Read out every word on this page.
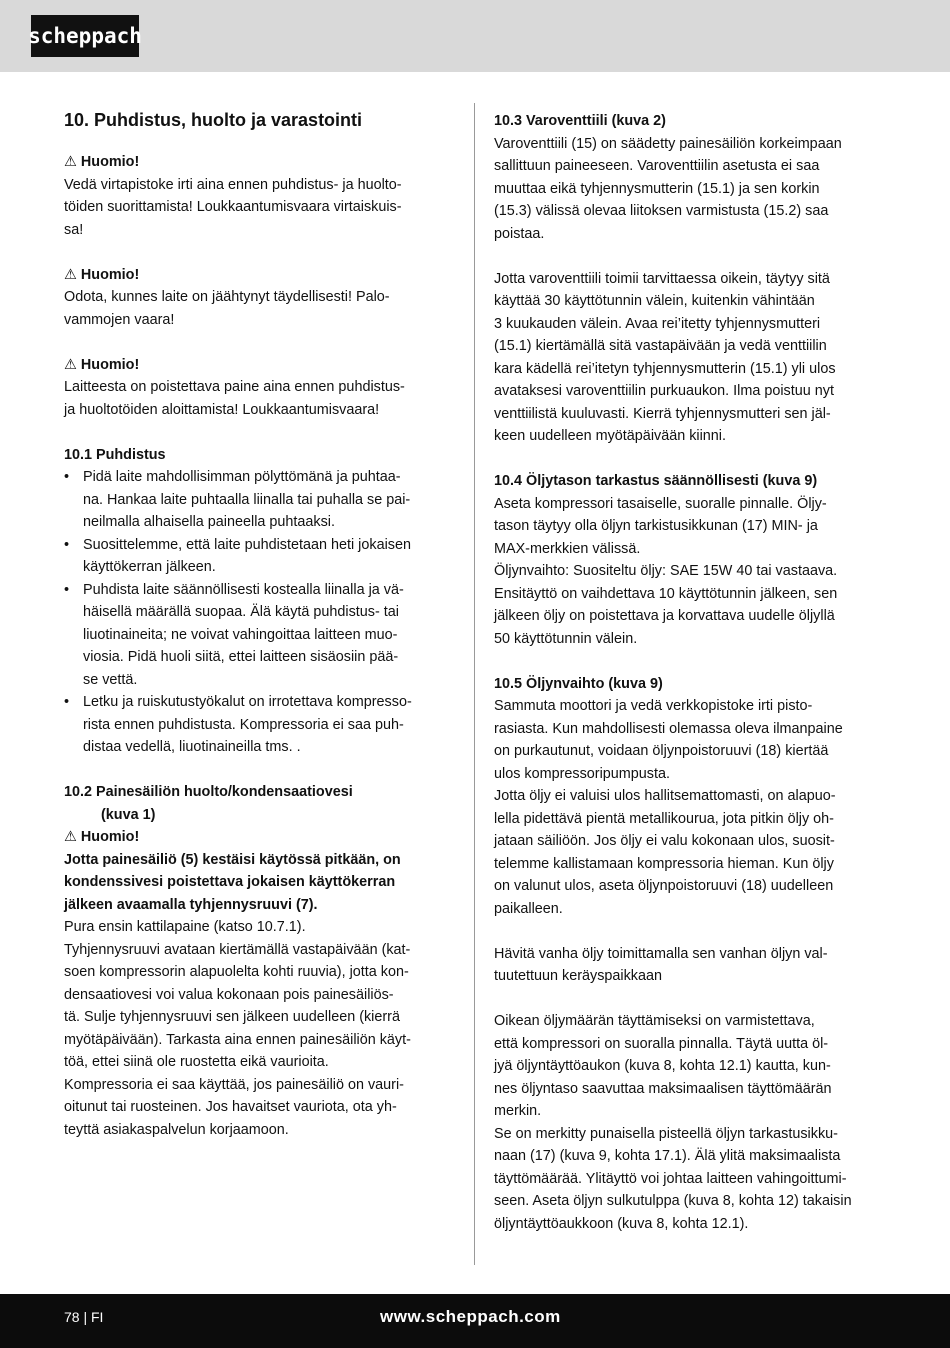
scheppach

10. Puhdistus, huolto ja varastointi

⚠ Huomio!

Vedä virtapistoke irti aina ennen puhdistus- ja huolto-

töiden suorittamista! Loukkaantumisvaara virtaiskuis-

sa!

⚠ Huomio!

Odota, kunnes laite on jäähtynyt täydellisesti! Palo-

vammojen vaara!

⚠ Huomio!

Laitteesta on poistettava paine aina ennen puhdistus-

ja huoltotöiden aloittamista! Loukkaantumisvaara!

10.1 Puhdistus

• Pidä laite mahdollisimman pölyttömänä ja puhtaa-
na. Hankaa laite puhtaalla liinalla tai puhalla se pai-
neilmalla alhaisella paineella puhtaaksi.
• Suosittelemme, että laite puhdistetaan heti jokaisen
käyttökerran jälkeen.
• Puhdista laite säännöllisesti kostealla liinalla ja vä-
häisellä määrällä suopaa. Älä käytä puhdistus- tai
liuotinaineita; ne voivat vahingoittaa laitteen muo-
viosia. Pidä huoli siitä, ettei laitteen sisäosiin pää-
se vettä.
• Letku ja ruiskutustyökalut on irrotettava kompresso-
rista ennen puhdistusta. Kompressoria ei saa puh-
distaa vedellä, liuotinaineilla tms. .

10.2 Painesäiliön huolto/kondensaatiovesi

(kuva 1)

⚠ Huomio!

Jotta painesäiliö (5) kestäisi käytössä pitkään, on

kondenssivesi poistettava jokaisen käyttökerran

jälkeen avaamalla tyhjennysruuvi (7).

Pura ensin kattilapaine (katso 10.7.1).

Tyhjennysruuvi avataan kiertämällä vastapäivään (kat-

soen kompressorin alapuolelta kohti ruuvia), jotta kon-

densaatiovesi voi valua kokonaan pois painesäiliös-

tä. Sulje tyhjennysruuvi sen jälkeen uudelleen (kierrä

myötäpäivään). Tarkasta aina ennen painesäiliön käyt-

töä, ettei siinä ole ruostetta eikä vaurioita.

Kompressoria ei saa käyttää, jos painesäiliö on vauri-

oitunut tai ruosteinen. Jos havaitset vauriota, ota yh-

teyttä asiakaspalvelun korjaamoon.

10.3 Varoventtiili (kuva 2)

Varoventtiili (15) on säädetty painesäiliön korkeimpaan

sallittuun paineeseen. Varoventtiilin asetusta ei saa

muuttaa eikä tyhjennysmutterin (15.1) ja sen korkin

(15.3) välissä olevaa liitoksen varmistusta (15.2) saa

poistaa.

Jotta varoventtiili toimii tarvittaessa oikein, täytyy sitä

käyttää 30 käyttötunnin välein, kuitenkin vähintään

3 kuukauden välein. Avaa rei’itetty tyhjennysmutteri

(15.1) kiertämällä sitä vastapäivään ja vedä venttiilin

kara kädellä rei’itetyn tyhjennysmutterin (15.1) yli ulos

avataksesi varoventtiilin purkuaukon. Ilma poistuu nyt

venttiilistä kuuluvasti. Kierrä tyhjennysmutteri sen jäl-

keen uudelleen myötäpäivään kiinni.

10.4 Öljytason tarkastus säännöllisesti (kuva 9)

Aseta kompressori tasaiselle, suoralle pinnalle. Öljy-

tason täytyy olla öljyn tarkistusikkunan (17) MIN- ja

MAX-merkkien välissä.

Öljynvaihto: Suositeltu öljy: SAE 15W 40 tai vastaava.

Ensitäyttö on vaihdettava 10 käyttötunnin jälkeen, sen

jälkeen öljy on poistettava ja korvattava uudelle öljyllä

50 käyttötunnin välein.

10.5 Öljynvaihto (kuva 9)

Sammuta moottori ja vedä verkkopistoke irti pisto-

rasiasta. Kun mahdollisesti olemassa oleva ilmanpaine

on purkautunut, voidaan öljynpoistoruuvi (18) kiertää

ulos kompressoripumpusta.

Jotta öljy ei valuisi ulos hallitsemattomasti, on alapuo-

lella pidettävä pientä metallikourua, jota pitkin öljy oh-

jataan säiliöön. Jos öljy ei valu kokonaan ulos, suosit-

telemme kallistamaan kompressoria hieman. Kun öljy

on valunut ulos, aseta öljynpoistoruuvi (18) uudelleen

paikalleen.

Hävitä vanha öljy toimittamalla sen vanhan öljyn val-

tuutettuun keräyspaikkaan

Oikean öljymäärän täyttämiseksi on varmistettava,

että kompressori on suoralla pinnalla. Täytä uutta öl-

jyä öljyntäyttöaukon (kuva 8, kohta 12.1) kautta, kun-

nes öljyntaso saavuttaa maksimaalisen täyttömäärän

merkin.

Se on merkitty punaisella pisteellä öljyn tarkastusikku-

naan (17) (kuva 9, kohta 17.1). Älä ylitä maksimaalista

täyttömäärää. Ylitäyttö voi johtaa laitteen vahingoittumi-

seen. Aseta öljyn sulkutulppa (kuva 8, kohta 12) takaisin

öljyntäyttöaukkoon (kuva 8, kohta 12.1).

78 | FI	www.scheppach.com
